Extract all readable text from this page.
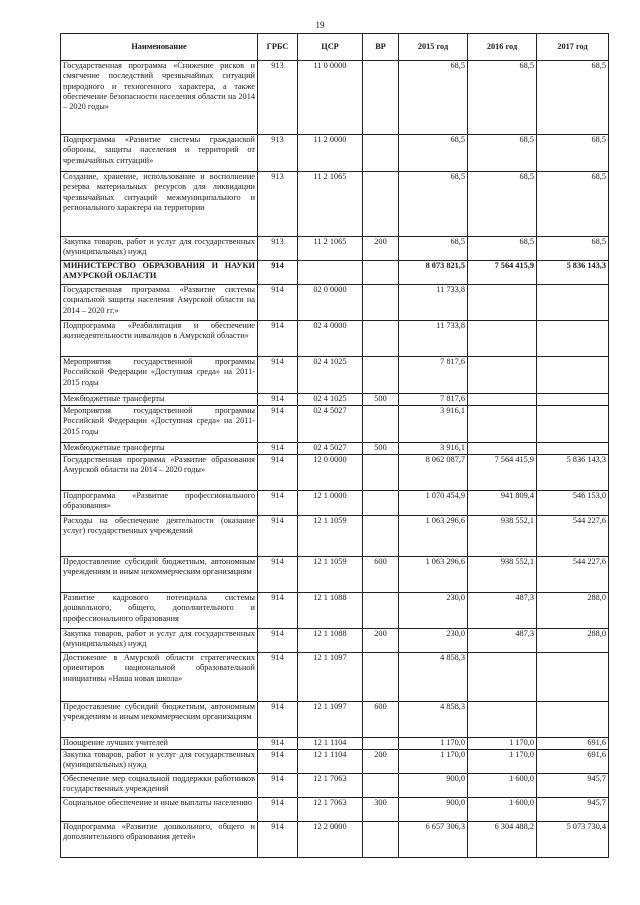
19
Наименование	ГРБС	ЦСР	ВР	2015 год	2016 год	2017 год
Государственная программа «Снижение рисков и смягчение последствий чрезвычайных ситуаций природного и техногенного характера, а также обеспечение безопасности населения области на 2014 – 2020 годы»	913	11 0 0000		68,5	68,5	68,5
Подпрограмма «Развитие системы гражданской обороны, защиты населения и территорий от чрезвычайных ситуаций»	913	11 2 0000		68,5	68,5	68,5
Создание, хранение, использование и восполнение резерва материальных ресурсов для ликвидации чрезвычайных ситуаций межмуниципального и регионального характера на территории	913	11 2 1065		68,5	68,5	68,5
Закупка товаров, работ и услуг для государственных (муниципальных) нужд	913	11 2 1065	200	68,5	68,5	68,5
МИНИСТЕРСТВО ОБРАЗОВАНИЯ И НАУКИ АМУРСКОЙ ОБЛАСТИ	914			8 073 821,5	7 564 415,9	5 836 143,3
Государственная программа «Развитие системы социальной защиты населения Амурской области на 2014 – 2020 гг.»	914	02 0 0000		11 733,8		
Подпрограмма «Реабилитация и обеспечение жизнедеятельности инвалидов в Амурской области»	914	02 4 0000		11 733,8		
Мероприятия государственной программы Российской Федерации «Доступная среда» на 2011-2015 годы	914	02 4 1025		7 817,6		
Межбюджетные трансферты	914	02 4 1025	500	7 817,6		
Мероприятия государственной программы Российской Федерации «Доступная среда» на 2011-2015 годы	914	02 4 5027		3 916,1		
Межбюджетные трансферты	914	02 4 5027	500	3 916,1		
Государственная программа «Развитие образования Амурской области на 2014 – 2020 годы»	914	12 0 0000		8 062 087,7	7 564 415,9	5 836 143,3
Подпрограмма «Развитие профессионального образования»	914	12 1 0000		1 070 454,9	941 809,4	546 153,0
Расходы на обеспечение деятельности (оказание услуг) государственных учреждений	914	12 1 1059		1 063 296,6	938 552,1	544 227,6
Предоставление субсидий бюджетным, автономным учреждениям и иным некоммерческим организациям	914	12 1 1059	600	1 063 296,6	938 552,1	544 227,6
Развитие кадрового потенциала системы дошкольного, общего, дополнительного и профессионального образования	914	12 1 1088		230,0	487,3	288,0
Закупка товаров, работ и услуг для государственных (муниципальных) нужд	914	12 1 1088	200	230,0	487,3	288,0
Достижение в Амурской области стратегических ориентиров национальной образовательной инициативы «Наша новая школа»	914	12 1 1097		4 858,3		
Предоставление субсидий бюджетным, автономным учреждениям и иным некоммерческим организациям	914	12 1 1097	600	4 858,3		
Поощрение лучших учителей	914	12 1 1104		1 170,0	1 170,0	691,6
Закупка товаров, работ и услуг для государственных (муниципальных) нужд	914	12 1 1104	200	1 170,0	1 170,0	691,6
Обеспечение мер социальной поддержки работников государственных учреждений	914	12 1 7063		900,0	1 600,0	945,7
Социальное обеспечение и иные выплаты населению	914	12 1 7063	300	900,0	1 600,0	945,7
Подпрограмма «Развитие дошкольного, общего и дополнительного образования детей»	914	12 2 0000		6 657 306,3	6 304 488,2	5 073 730,4
